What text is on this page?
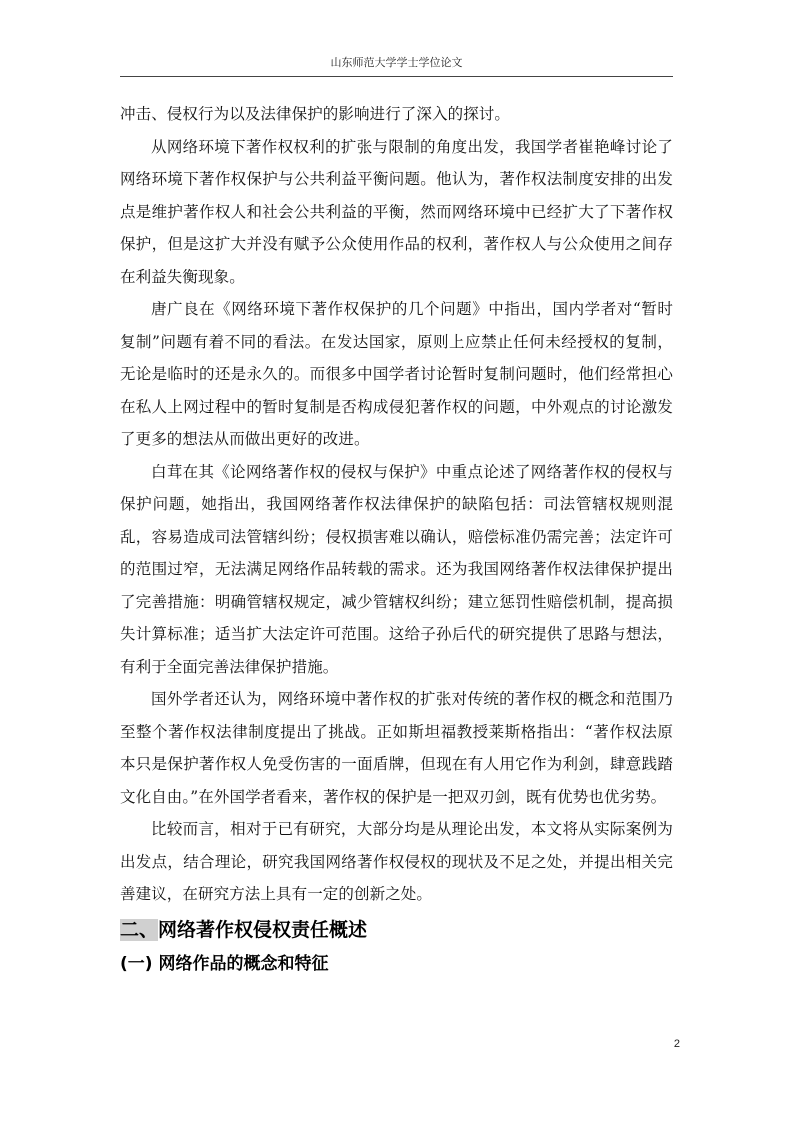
山东师范大学学士学位论文

冲击、侵权行为以及法律保护的影响进行了深入的探讨。

从网络环境下著作权权利的扩张与限制的角度出发，我国学者崔艳峰讨论了网络环境下著作权保护与公共利益平衡问题。他认为，著作权法制度安排的出发点是维护著作权人和社会公共利益的平衡，然而网络环境中已经扩大了下著作权保护，但是这扩大并没有赋予公众使用作品的权利，著作权人与公众使用之间存在利益失衡现象。

唐广良在《网络环境下著作权保护的几个问题》中指出，国内学者对“暂时复制”问题有着不同的看法。在发达国家，原则上应禁止任何未经授权的复制，无论是临时的还是永久的。而很多中国学者讨论暂时复制问题时，他们经常担心在私人上网过程中的暂时复制是否构成侵犯著作权的问题，中外观点的讨论激发了更多的想法从而做出更好的改进。

白茸在其《论网络著作权的侵权与保护》中重点论述了网络著作权的侵权与保护问题，她指出，我国网络著作权法律保护的缺陷包括：司法管辖权规则混乱，容易造成司法管辖纠纷；侵权损害难以确认，赔偿标准仍需完善；法定许可的范围过窄，无法满足网络作品转载的需求。还为我国网络著作权法律保护提出了完善措施：明确管辖权规定，减少管辖权纠纷；建立惩罚性赔偿机制，提高损失计算标准；适当扩大法定许可范围。这给子孙后代的研究提供了思路与想法，有利于全面完善法律保护措施。

国外学者还认为，网络环境中著作权的扩张对传统的著作权的概念和范围乃至整个著作权法律制度提出了挑战。正如斯坦福教授莱斯格指出：“著作权法原本只是保护著作权人免受伤害的一面盾牌，但现在有人用它作为利剑，肆意践踏文化自由。”在外国学者看来，著作权的保护是一把双刃剑，既有优势也优劣势。

比较而言，相对于已有研究，大部分均是从理论出发，本文将从实际案例为出发点，结合理论，研究我国网络著作权侵权的现状及不足之处，并提出相关完善建议，在研究方法上具有一定的创新之处。

二、网络著作权侵权责任概述
(一) 网络作品的概念和特征
2
